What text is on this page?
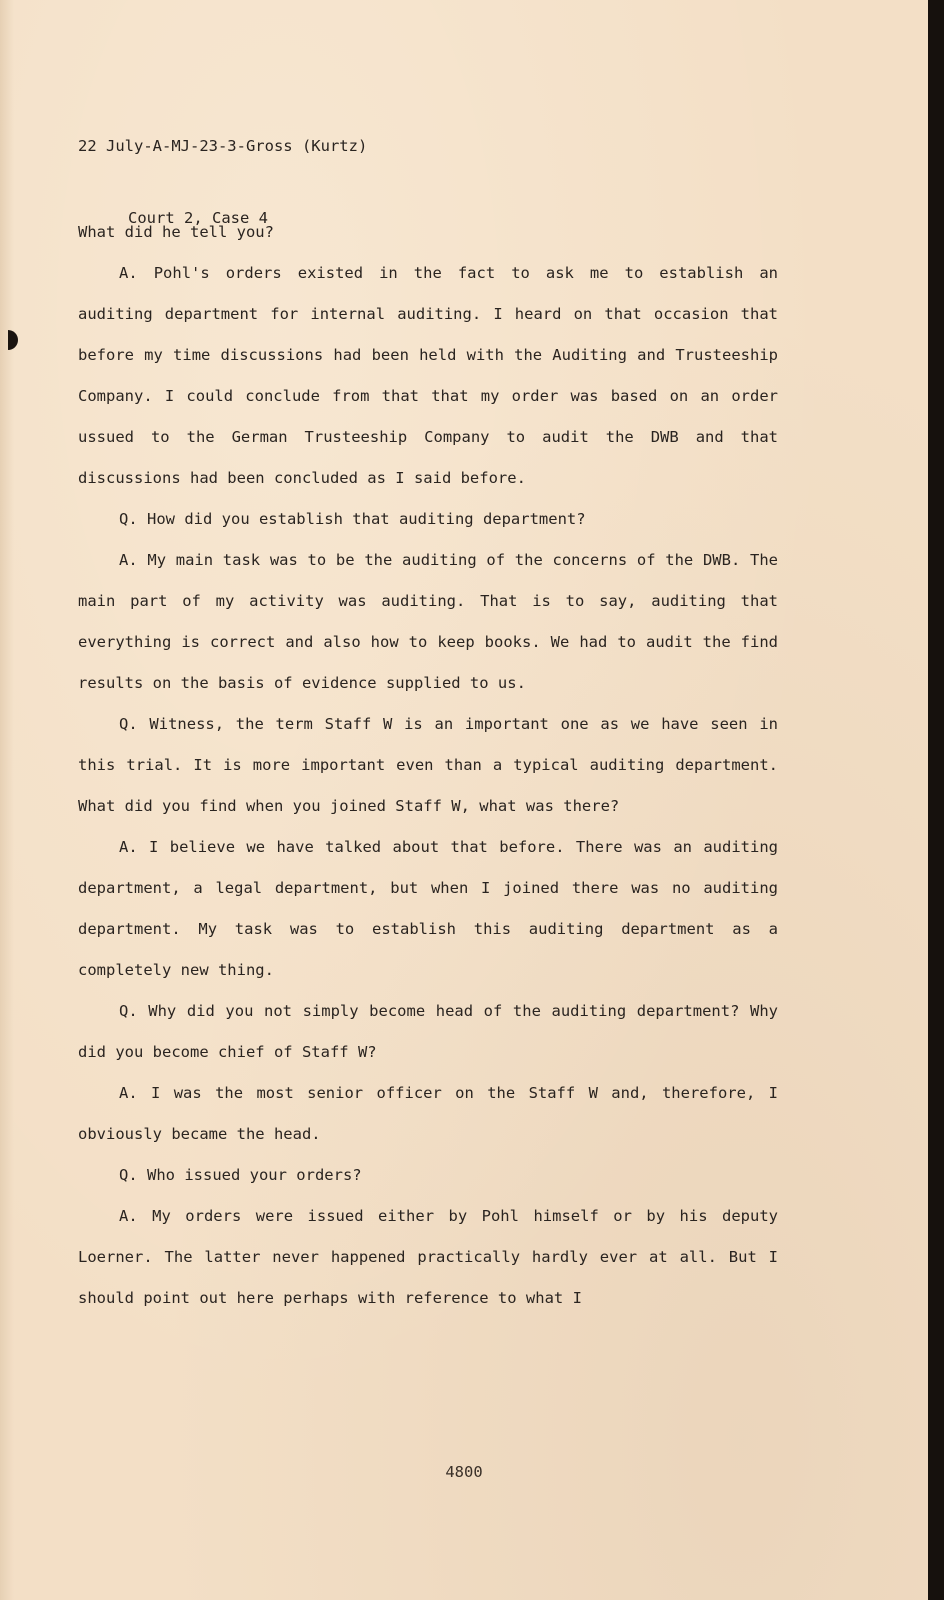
22 July-A-MJ-23-3-Gross (Kurtz)

Court 2, Case 4

What did he tell you?

A. Pohl's orders existed in the fact to ask me to establish an auditing department for internal auditing. I heard on that occasion that before my time discussions had been held with the Auditing and Trusteeship Company. I could conclude from that that my order was based on an order ussued to the German Trusteeship Company to audit the DWB and that discussions had been concluded as I said before.

Q. How did you establish that auditing department?

A. My main task was to be the auditing of the concerns of the DWB. The main part of my activity was auditing. That is to say, auditing that everything is correct and also how to keep books. We had to audit the find results on the basis of evidence supplied to us.

Q. Witness, the term Staff W is an important one as we have seen in this trial. It is more important even than a typical auditing department. What did you find when you joined Staff W, what was there?

A. I believe we have talked about that before. There was an auditing department, a legal department, but when I joined there was no auditing department. My task was to establish this auditing department as a completely new thing.

Q. Why did you not simply become head of the auditing department? Why did you become chief of Staff W?

A. I was the most senior officer on the Staff W and, therefore, I obviously became the head.

Q. Who issued your orders?

A. My orders were issued either by Pohl himself or by his deputy Loerner. The latter never happened practically hardly ever at all. But I should point out here perhaps with reference to what I

4800
